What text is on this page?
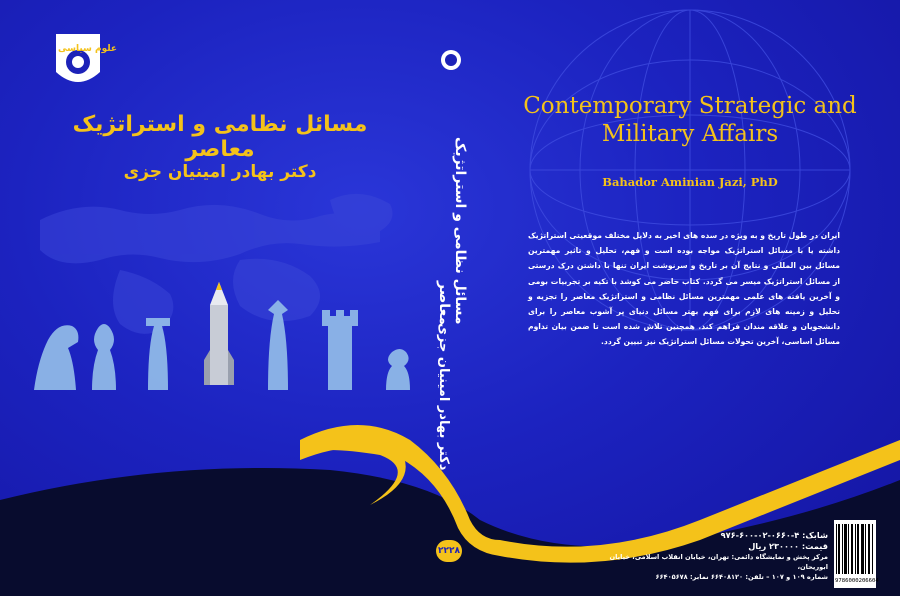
علوم سیاسی
مسائل نظامی و استراتژیک معاصر
دکتر بهادر امینیان جزی	مسائل نظامی و استراتژیک معاصر
دکتر بهادر امینیان جزی
۲۲۲۸
Contemporary Strategic and
Military Affairs
Bahador Aminian Jazi, PhD
ایران در طول تاریخ و به ویژه در سده های اخیر به دلایل مختلف موقعیتی استراتژیک داشته یا با مسائل استراتژیک مواجه بوده است و فهم، تحلیل و تاثیر مهمترین مسائل بین المللی و نتایج آن بر تاریخ و سرنوشت ایران تنها با داشتن درک درستی از مسائل استراتژیک میسر می گردد. کتاب حاضر می کوشد با تکیه بر تجربیات بومی و آخرین یافته های علمی مهمترین مسائل نظامی و استراتژیک معاصر را تجزیه و تحلیل و زمینه های لازم برای فهم بهتر مسائل دنیای پر آشوب معاصر را برای دانشجویان و علاقه مندان فراهم کند. همچنین تلاش شده است تا ضمن بیان تداوم مسائل اساسی، آخرین تحولات مسائل استراتژیک نیز تبیین گردد.
شابک: ۴-۰۶۶۰-۰۲-۶۰۰-۹۷۶
قیمت: ۲۳۰۰۰۰ ریال
مرکز پخش و نمایشگاه دائمی: تهران، خیابان انقلاب اسلامی، خیابان ابوریحان،
شماره ۱۰۹ و ۱۰۷ – تلفن: ۶۶۴۰۸۱۲۰ نمابر: ۶۶۴۰۵۶۷۸ 9786000206604
